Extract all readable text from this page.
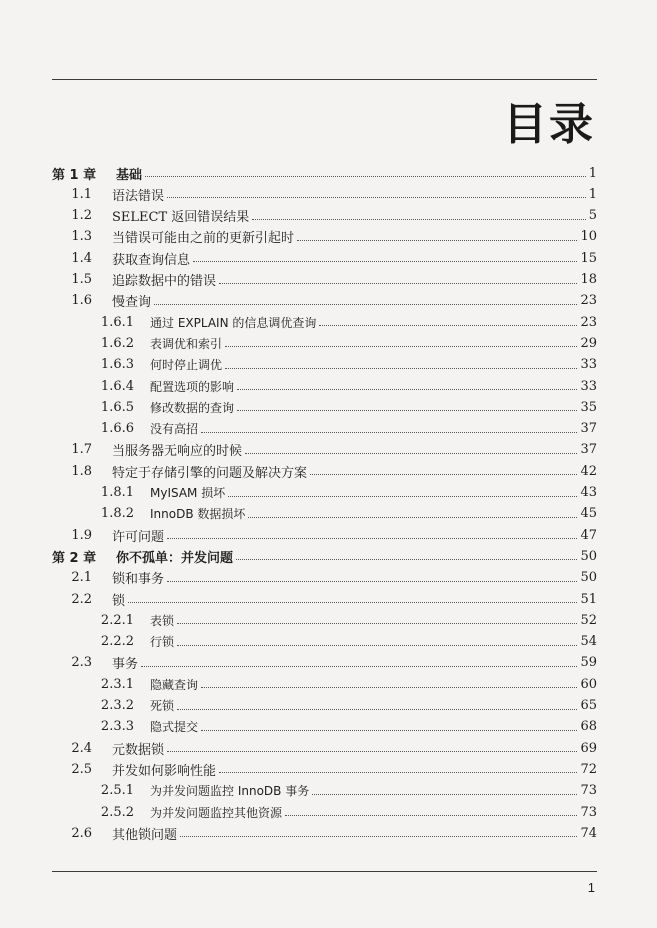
目录
第 1 章	基础	1
1.1 语法错误	1
1.2 SELECT 返回错误结果	5
1.3 当错误可能由之前的更新引起时	10
1.4 获取查询信息	15
1.5 追踪数据中的错误	18
1.6 慢查询	23
1.6.1 通过 EXPLAIN 的信息调优查询	23
1.6.2 表调优和索引	29
1.6.3 何时停止调优	33
1.6.4 配置选项的影响	33
1.6.5 修改数据的查询	35
1.6.6 没有高招	37
1.7 当服务器无响应的时候	37
1.8 特定于存储引擎的问题及解决方案	42
1.8.1 MyISAM 损坏	43
1.8.2 InnoDB 数据损坏	45
1.9 许可问题	47
第 2 章	你不孤单：并发问题	50
2.1 锁和事务	50
2.2 锁	51
2.2.1 表锁	52
2.2.2 行锁	54
2.3 事务	59
2.3.1 隐藏查询	60
2.3.2 死锁	65
2.3.3 隐式提交	68
2.4 元数据锁	69
2.5 并发如何影响性能	72
2.5.1 为并发问题监控 InnoDB 事务	73
2.5.2 为并发问题监控其他资源	73
2.6 其他锁问题	74
1
